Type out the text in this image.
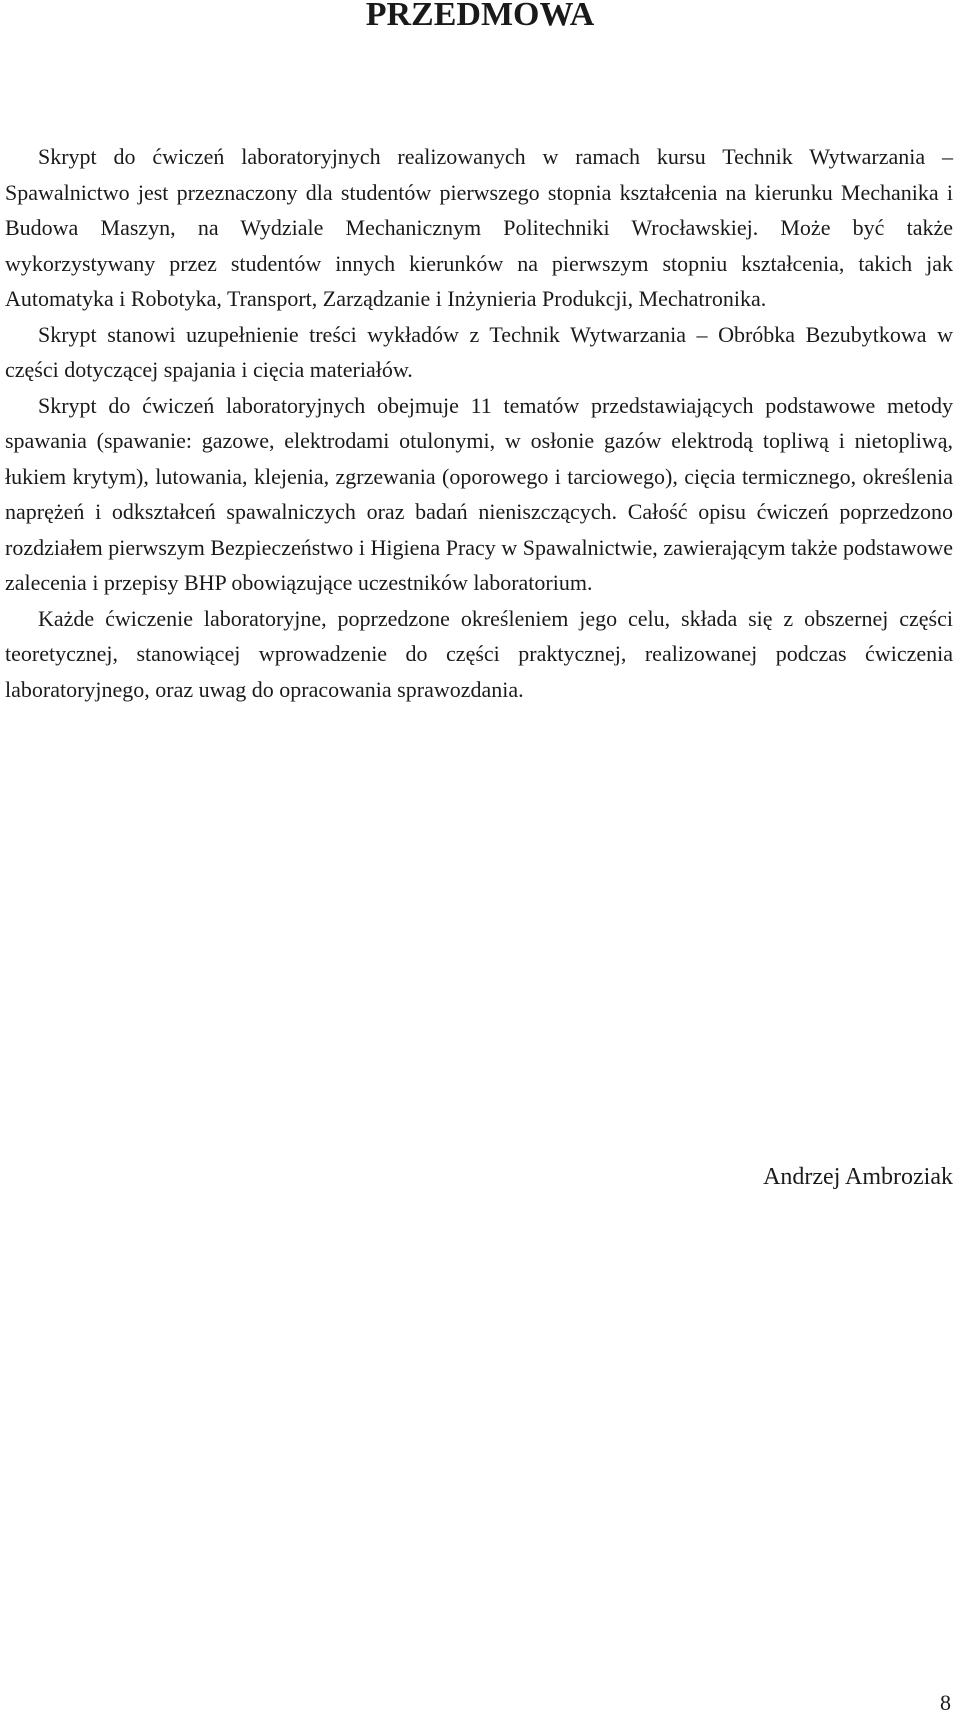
PRZEDMOWA

Skrypt do ćwiczeń laboratoryjnych realizowanych w ramach kursu Technik Wytwarzania – Spawalnictwo jest przeznaczony dla studentów pierwszego stopnia kształcenia na kierunku Mechanika i Budowa Maszyn, na Wydziale Mechanicznym Politechniki Wrocławskiej. Może być także wykorzystywany przez studentów innych kierunków na pierwszym stopniu kształcenia, takich jak Automatyka i Robotyka, Transport, Zarządzanie i Inżynieria Produkcji, Mechatronika.

Skrypt stanowi uzupełnienie treści wykładów z Technik Wytwarzania – Obróbka Bezubytkowa w części dotyczącej spajania i cięcia materiałów.

Skrypt do ćwiczeń laboratoryjnych obejmuje 11 tematów przedstawiających podstawowe metody spawania (spawanie: gazowe, elektrodami otulonymi, w osłonie gazów elektrodą topliwą i nietopliwą, łukiem krytym), lutowania, klejenia, zgrzewania (oporowego i tarciowego), cięcia termicznego, określenia naprężeń i odkształceń spawalniczych oraz badań nieniszczących. Całość opisu ćwiczeń poprzedzono rozdziałem pierwszym Bezpieczeństwo i Higiena Pracy w Spawalnictwie, zawierającym także podstawowe zalecenia i przepisy BHP obowiązujące uczestników laboratorium.

Każde ćwiczenie laboratoryjne, poprzedzone określeniem jego celu, składa się z obszernej części teoretycznej, stanowiącej wprowadzenie do części praktycznej, realizowanej podczas ćwiczenia laboratoryjnego, oraz uwag do opracowania sprawozdania.

Andrzej Ambroziak

8
